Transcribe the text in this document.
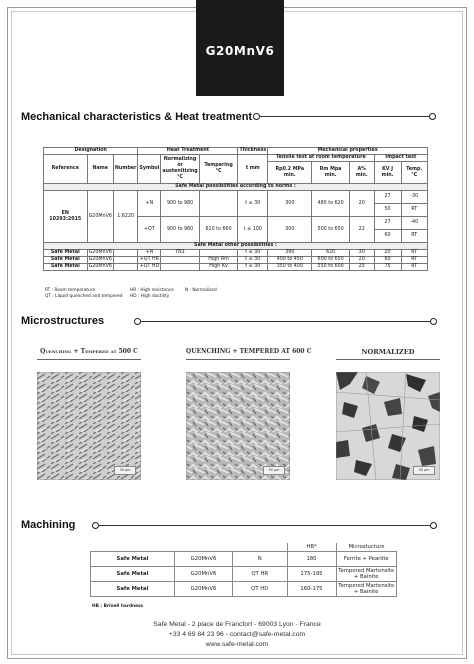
G20MnV6
Mechanical characteristics & Heat treatment
Designation			Heat Treatment			Thickness	Mechanical properties				
Reference	Name	Number	Symbol	Normalizing or austenitizing °C	Tempering °C	t mm	Tensile test at room temperature			Impact test	
							Rp0.2 MPa min.	Rm Mpa min.	A% min.	KV J min.	Temp. °C
Safe Metal possibilities according to norms :											
EN 10293:2015	G20MnV6	1.6220	+N	900 to 980		t ≤ 30	300	480 to 620	20	27	-30
										50	RT
			+QT	900 to 980	610 to 660	t ≤ 100	300	500 to 650	22	27	-40
										60	RT
Safe Metal other possibilities :											
Safe Metal	G20MnV6		+N	TN1		t ≤ 30	390	620	30	20	RT
Safe Metal	G20MnV6		+QT HR		High Rm	t ≤ 30	400 to 450	600 to 650	20	60	RT
Safe Metal	G20MnV6		+QT HD		High Kv	t ≤ 30	350 to 400	550 to 600	25	75	RT
RT : Room temperature	HR : High resistance	N : Normalized
QT : Liquid quenched and tempered HD : High ductility
Microstructures
Quenching + Tempered at 500 C
50 µm
QUENCHING + TEMPERED AT 600 C
50 µm
NORMALIZED
50 µm
Machining
			HB*	Microstucture
Safe Metal	G20MnV6	N	180	Ferrite + Pearlite
Safe Metal	G20MnV6	QT HR	175-195	Tempered Martensite + Bainite
Safe Metal	G20MnV6	QT HD	160-175	Tempered Martensite + Bainite
HB : Brinell hardness
Safe Metal - 2 place de Francfort - 69003 Lyon - France
+33 4 69 84 23 96 - contact@safe-metal.com
www.safe-metal.com
